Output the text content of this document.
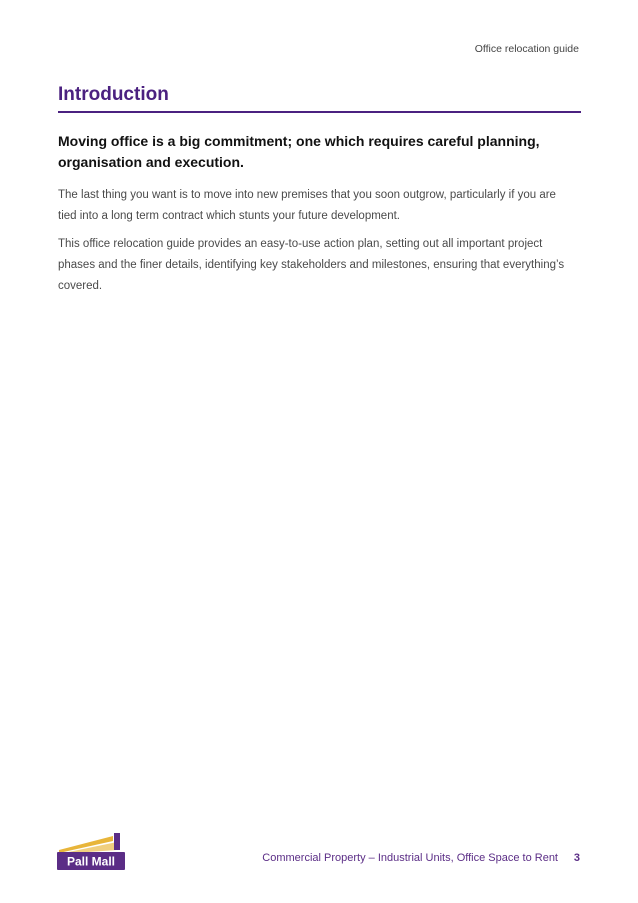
Office relocation guide
Introduction

Moving office is a big commitment; one which requires careful planning,
organisation and execution.

The last thing you want is to move into new premises that you soon outgrow, particularly if you are
tied into a long term contract which stunts your future development.

This office relocation guide provides an easy-to-use action plan, setting out all important project
phases and the finer details, identifying key stakeholders and milestones, ensuring that everything’s
covered.

Pall Mall	Commercial Property – Industrial Units, Office Space to Rent 3
